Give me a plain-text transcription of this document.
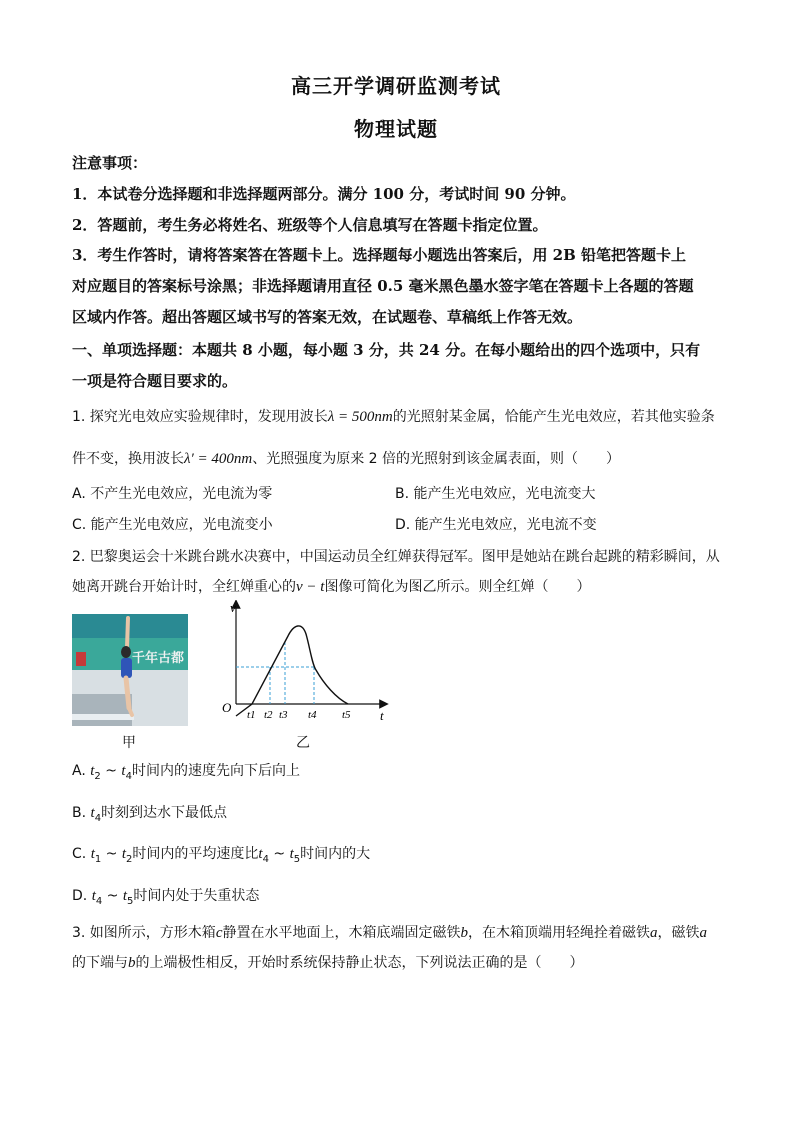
高三开学调研监测考试
物理试题
注意事项：
1．本试卷分选择题和非选择题两部分。满分 100 分，考试时间 90 分钟。
2．答题前，考生务必将姓名、班级等个人信息填写在答题卡指定位置。
3．考生作答时，请将答案答在答题卡上。选择题每小题选出答案后，用 2B 铅笔把答题卡上
对应题目的答案标号涂黑；非选择题请用直径 0.5 毫米黑色墨水签字笔在答题卡上各题的答题
区域内作答。超出答题区域书写的答案无效，在试题卷、草稿纸上作答无效。
一、单项选择题：本题共 8 小题，每小题 3 分，共 24 分。在每小题给出的四个选项中，只有
一项是符合题目要求的。
1. 探究光电效应实验规律时，发现用波长λ = 500nm的光照射某金属，恰能产生光电效应，若其他实验条
件不变，换用波长λ′ = 400nm、光照强度为原来 2 倍的光照射到该金属表面，则（　　）
A. 不产生光电效应，光电流为零	B. 能产生光电效应，光电流变大
C. 能产生光电效应，光电流变小	D. 能产生光电效应，光电流不变
2. 巴黎奥运会十米跳台跳水决赛中，中国运动员全红婵获得冠军。图甲是她站在跳台起跳的精彩瞬间，从
她离开跳台开始计时，全红婵重心的v − t图像可简化为图乙所示。则全红婵（　　）
千年古都
甲
v
t
O t1 t2 t3 t4 t5
乙
A. $t_2$ ~ $t_4$时间内的速度先向下后向上
B. $t_4$时刻到达水下最低点
C. $t_1$ ~ $t_2$时间内的平均速度比$t_4$ ~ $t_5$时间内的大
D. $t_4$ ~ $t_5$时间内处于失重状态
3. 如图所示，方形木箱c静置在水平地面上，木箱底端固定磁铁b，在木箱顶端用轻绳拴着磁铁a，磁铁a
的下端与b的上端极性相反，开始时系统保持静止状态，下列说法正确的是（　　）
